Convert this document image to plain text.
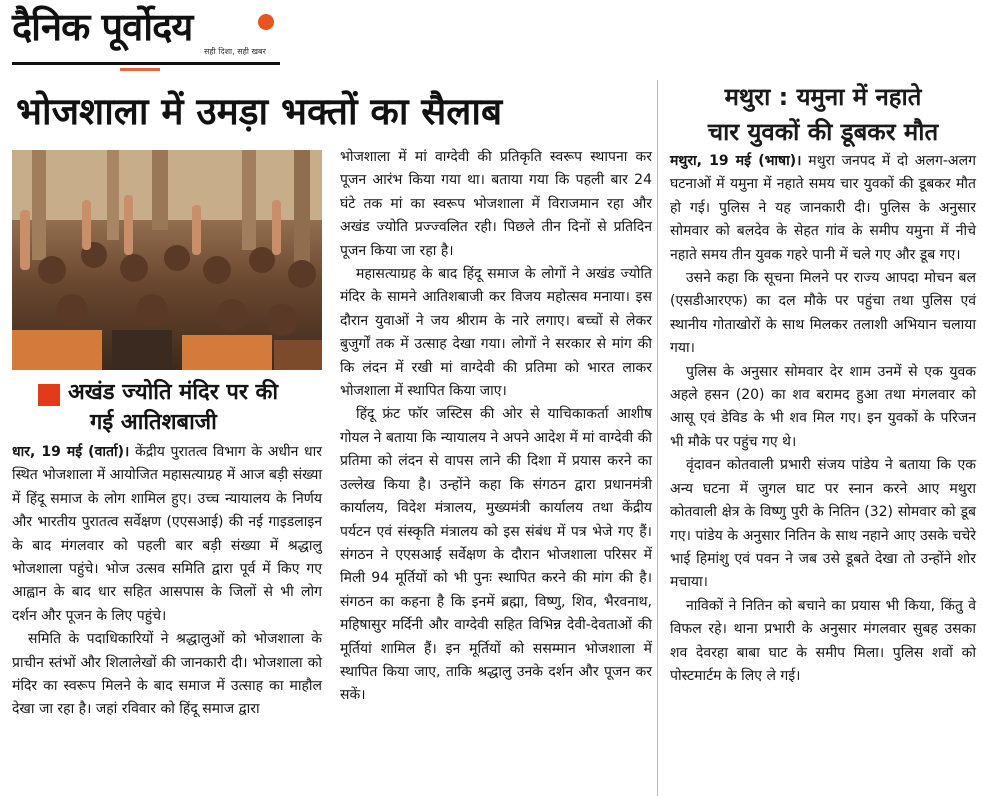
दैनिक पूर्वोदय
सही दिशा, सही खबर
भोजशाला में उमड़ा भक्तों का सैलाब
अखंड ज्योति मंदिर पर की
गई आतिशबाजी

धार, 19 मई (वार्ता)। केंद्रीय पुरातत्व विभाग के अधीन धार स्थित भोजशाला में आयोजित महासत्याग्रह में आज बड़ी संख्या में हिंदू समाज के लोग शामिल हुए। उच्च न्यायालय के निर्णय और भारतीय पुरातत्व सर्वेक्षण (एएसआई) की नई गाइडलाइन के बाद मंगलवार को पहली बार बड़ी संख्या में श्रद्धालु भोजशाला पहुंचे। भोज उत्सव समिति द्वारा पूर्व में किए गए आह्वान के बाद धार सहित आसपास के जिलों से भी लोग दर्शन और पूजन के लिए पहुंचे।

समिति के पदाधिकारियों ने श्रद्धालुओं को भोजशाला के प्राचीन स्तंभों और शिलालेखों की जानकारी दी। भोजशाला को मंदिर का स्वरूप मिलने के बाद समाज में उत्साह का माहौल देखा जा रहा है। जहां रविवार को हिंदू समाज द्वारा

भोजशाला में मां वाग्देवी की प्रतिकृति स्वरूप स्थापना कर पूजन आरंभ किया गया था। बताया गया कि पहली बार 24 घंटे तक मां का स्वरूप भोजशाला में विराजमान रहा और अखंड ज्योति प्रज्ज्वलित रही। पिछले तीन दिनों से प्रतिदिन पूजन किया जा रहा है।

महासत्याग्रह के बाद हिंदू समाज के लोगों ने अखंड ज्योति मंदिर के सामने आतिशबाजी कर विजय महोत्सव मनाया। इस दौरान युवाओं ने जय श्रीराम के नारे लगाए। बच्चों से लेकर बुजुर्गों तक में उत्साह देखा गया। लोगों ने सरकार से मांग की कि लंदन में रखी मां वाग्देवी की प्रतिमा को भारत लाकर भोजशाला में स्थापित किया जाए।

हिंदू फ्रंट फॉर जस्टिस की ओर से याचिकाकर्ता आशीष गोयल ने बताया कि न्यायालय ने अपने आदेश में मां वाग्देवी की प्रतिमा को लंदन से वापस लाने की दिशा में प्रयास करने का उल्लेख किया है। उन्होंने कहा कि संगठन द्वारा प्रधानमंत्री कार्यालय, विदेश मंत्रालय, मुख्यमंत्री कार्यालय तथा केंद्रीय पर्यटन एवं संस्कृति मंत्रालय को इस संबंध में पत्र भेजे गए हैं। संगठन ने एएसआई सर्वेक्षण के दौरान भोजशाला परिसर में मिली 94 मूर्तियों को भी पुनः स्थापित करने की मांग की है। संगठन का कहना है कि इनमें ब्रह्मा, विष्णु, शिव, भैरवनाथ, महिषासुर मर्दिनी और वाग्देवी सहित विभिन्न देवी-देवताओं की मूर्तियां शामिल हैं। इन मूर्तियों को ससम्मान भोजशाला में स्थापित किया जाए, ताकि श्रद्धालु उनके दर्शन और पूजन कर सकें।

मथुरा : यमुना में नहाते
चार युवकों की डूबकर मौत

मथुरा, 19 मई (भाषा)। मथुरा जनपद में दो अलग-अलग घटनाओं में यमुना में नहाते समय चार युवकों की डूबकर मौत हो गई। पुलिस ने यह जानकारी दी। पुलिस के अनुसार सोमवार को बलदेव के सेहत गांव के समीप यमुना में नीचे नहाते समय तीन युवक गहरे पानी में चले गए और डूब गए।

उसने कहा कि सूचना मिलने पर राज्य आपदा मोचन बल (एसडीआरएफ) का दल मौके पर पहुंचा तथा पुलिस एवं स्थानीय गोताखोरों के साथ मिलकर तलाशी अभियान चलाया गया।

पुलिस के अनुसार सोमवार देर शाम उनमें से एक युवक अहले हसन (20) का शव बरामद हुआ तथा मंगलवार को आसू एवं डेविड के भी शव मिल गए। इन युवकों के परिजन भी मौके पर पहुंच गए थे।

वृंदावन कोतवाली प्रभारी संजय पांडेय ने बताया कि एक अन्य घटना में जुगल घाट पर स्नान करने आए मथुरा कोतवाली क्षेत्र के विष्णु पुरी के नितिन (32) सोमवार को डूब गए। पांडेय के अनुसार नितिन के साथ नहाने आए उसके चचेरे भाई हिमांशु एवं पवन ने जब उसे डूबते देखा तो उन्होंने शोर मचाया।

नाविकों ने नितिन को बचाने का प्रयास भी किया, किंतु वे विफल रहे। थाना प्रभारी के अनुसार मंगलवार सुबह उसका शव देवरहा बाबा घाट के समीप मिला। पुलिस शवों को पोस्टमार्टम के लिए ले गई।
